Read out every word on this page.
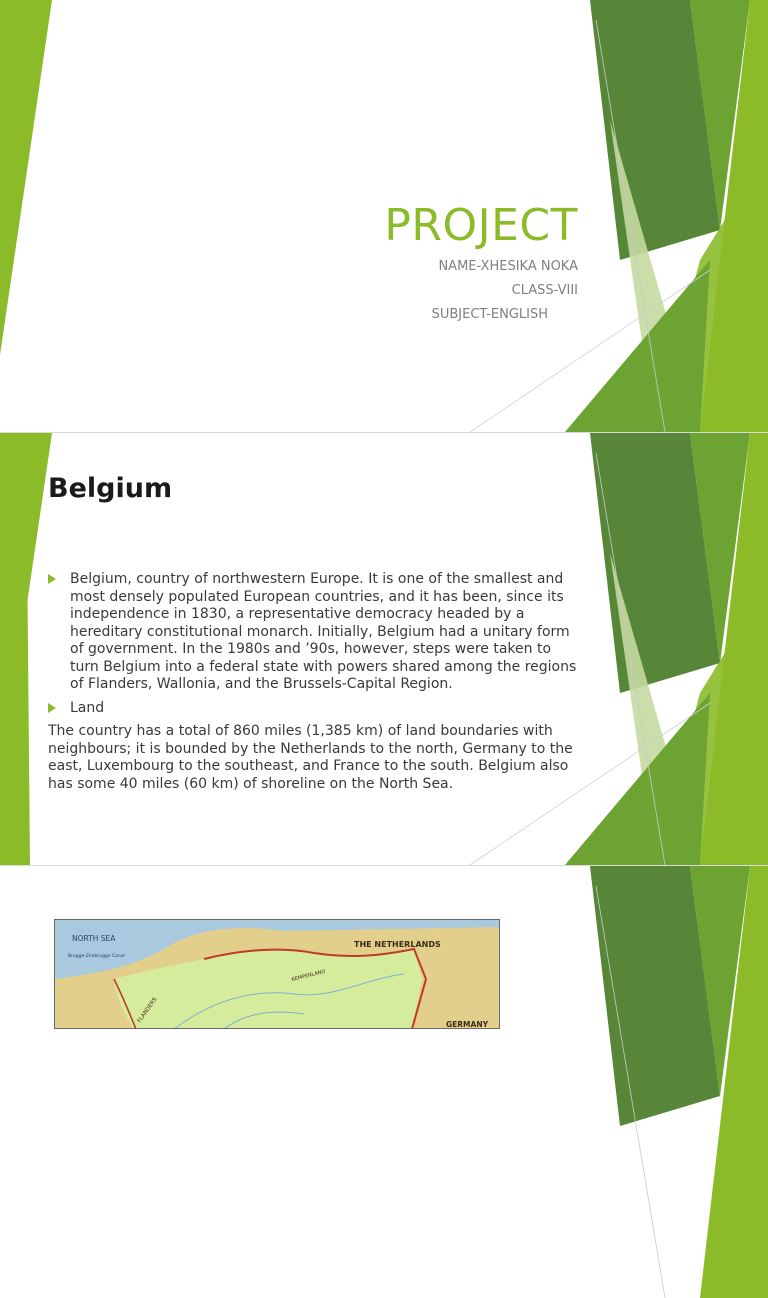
PROJECT

NAME-XHESIKA NOKA

CLASS-VIII

SUBJECT-ENGLISH

Belgium

Belgium, country of northwestern Europe. It is one of the smallest and most densely populated European countries, and it has been, since its independence in 1830, a representative democracy headed by a hereditary constitutional monarch. Initially, Belgium had a unitary form of government. In the 1980s and ’90s, however, steps were taken to turn Belgium into a federal state with powers shared among the regions of Flanders, Wallonia, and the Brussels-Capital Region.

Land

The country has a total of 860 miles (1,385 km) of land boundaries with neighbours; it is bounded by the Netherlands to the north, Germany to the east, Luxembourg to the southeast, and France to the south. Belgium also has some 40 miles (60 km) of shoreline on the North Sea.

NORTH SEA
Brugge-Zeebrugge Canal
THE NETHERLANDS
KEMPENLAND
FLANDERS
GERMANY
